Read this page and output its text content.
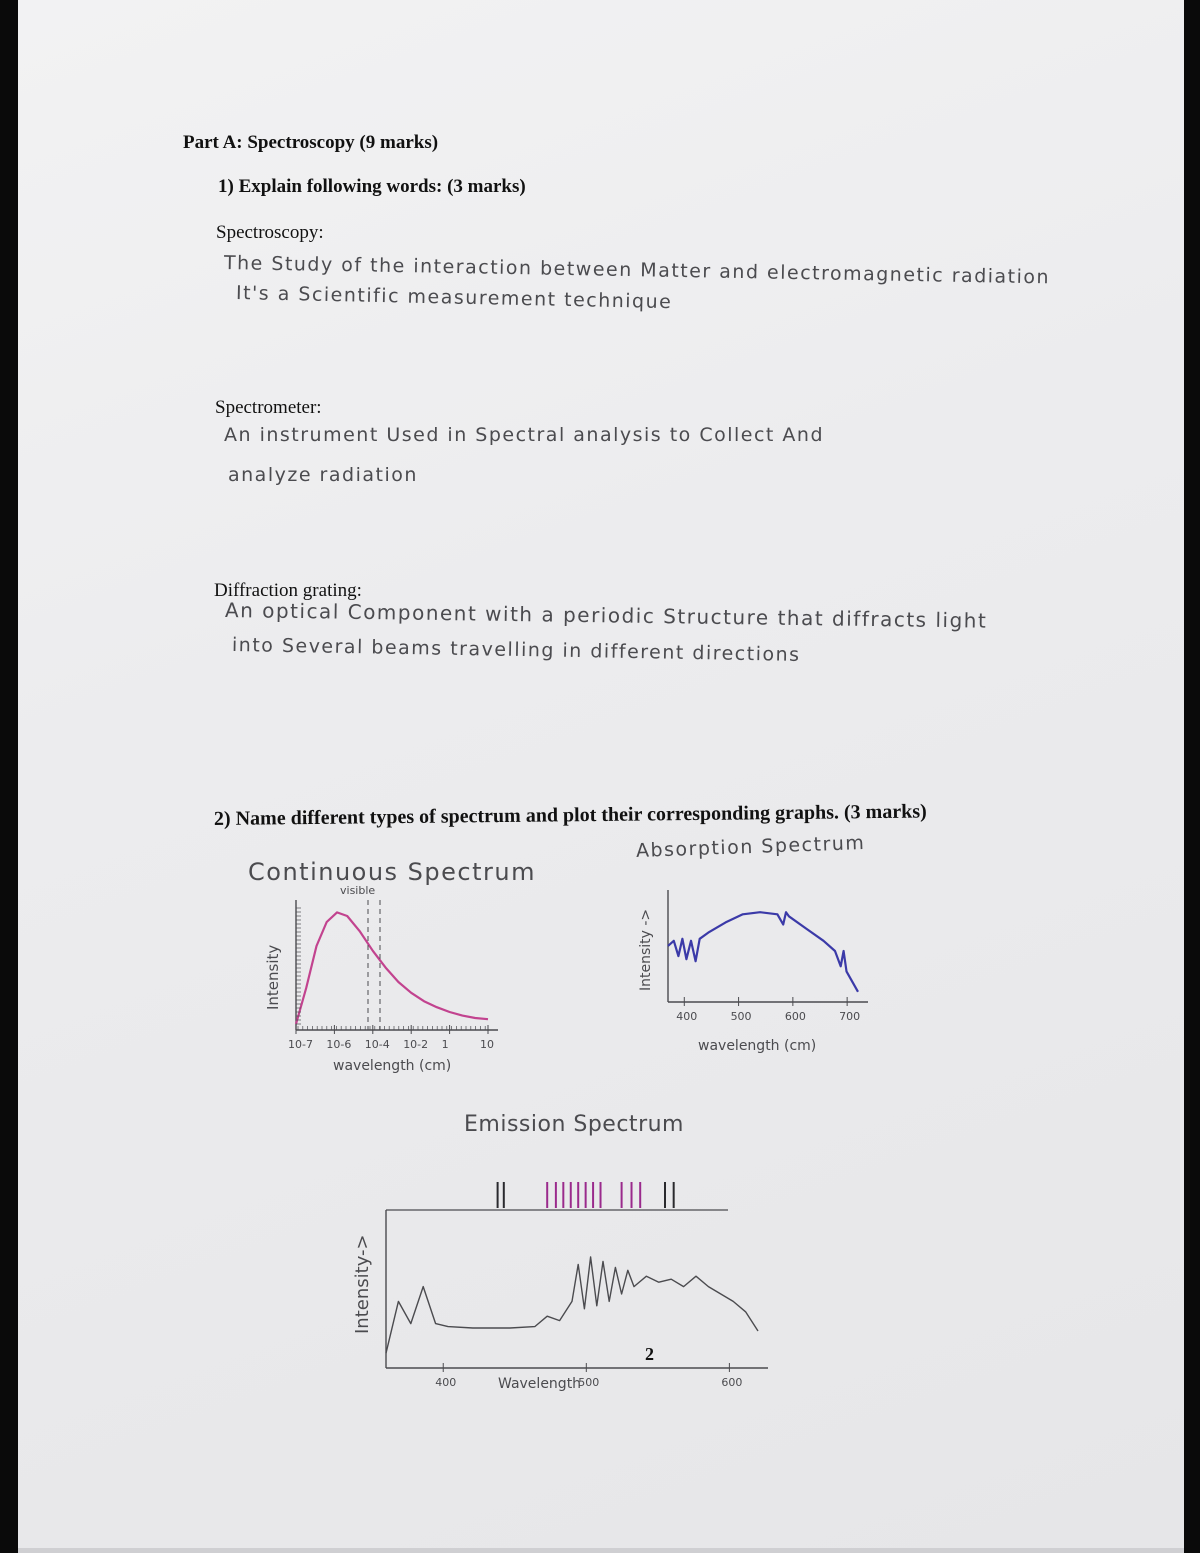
Part A: Spectroscopy (9 marks)
1) Explain following words: (3 marks)
Spectroscopy:
The Study of the interaction between Matter and electromagnetic radiation
It's a Scientific measurement technique
Spectrometer:
An instrument Used in Spectral analysis to Collect And
analyze radiation
Diffraction grating:
An optical Component with a periodic Structure that diffracts light
into Several beams travelling in different directions
2) Name different types of spectrum and plot their corresponding graphs. (3 marks)
Continuous Spectrum
visible
Intensity
10-7 10-6 10-4 10-2 1	10
wavelength (cm)
Absorption Spectrum
Intensity ->
400	500	600	700
wavelength (cm)
Emission Spectrum
Intensity->
400	500	600
Wavelength
2
